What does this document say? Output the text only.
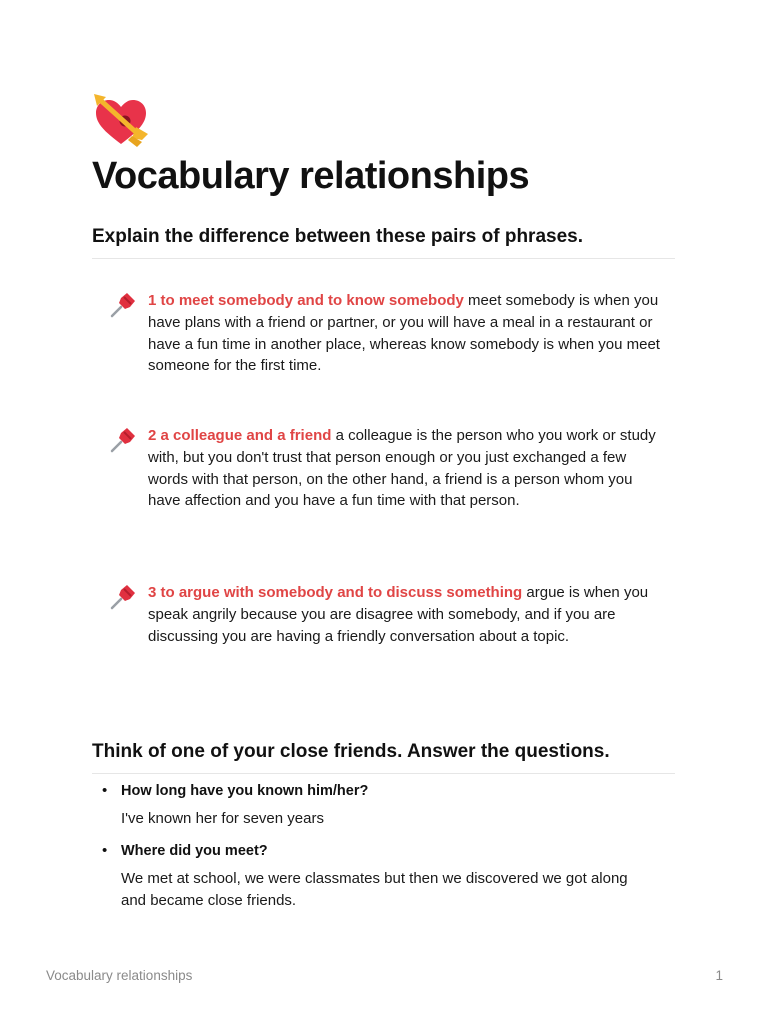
Vocabulary relationships
Explain the difference between these pairs of phrases.

1 to meet somebody and to know somebody meet somebody is when you have plans with a friend or partner, or you will have a meal in a restaurant or have a fun time in another place, whereas know somebody is when you meet someone for the first time.

2 a colleague and a friend a colleague is the person who you work or study with, but you don't trust that person enough or you just exchanged a few words with that person, on the other hand, a friend is a person whom you have affection and you have a fun time with that person.

3 to argue with somebody and to discuss something argue is when you speak angrily because you are disagree with somebody, and if you are discussing you are having a friendly conversation about a topic.

Think of one of your close friends. Answer the questions.
• How long have you known him/her?

I've known her for seven years

• Where did you meet?

We met at school, we were classmates but then we discovered we got along and became close friends.

Vocabulary relationships	1
